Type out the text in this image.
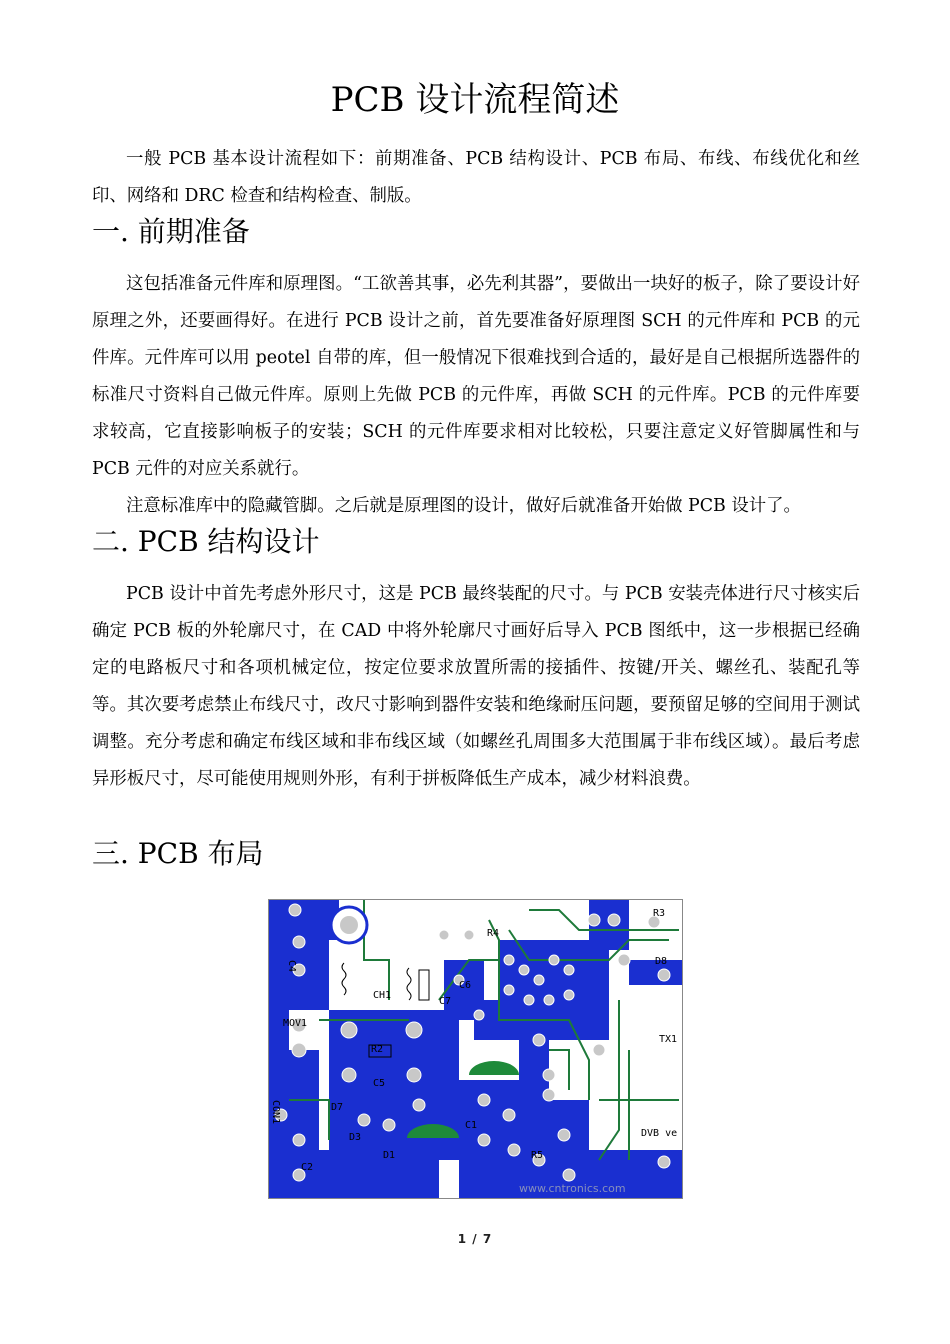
PCB 设计流程简述

一般 PCB 基本设计流程如下：前期准备、PCB 结构设计、PCB 布局、布线、布线优化和丝印、网络和 DRC 检查和结构检查、制版。

一. 前期准备

这包括准备元件库和原理图。“工欲善其事，必先利其器”，要做出一块好的板子，除了要设计好原理之外，还要画得好。在进行 PCB 设计之前，首先要准备好原理图 SCH 的元件库和 PCB 的元件库。元件库可以用 peotel 自带的库，但一般情况下很难找到合适的，最好是自己根据所选器件的标准尺寸资料自己做元件库。原则上先做 PCB 的元件库，再做 SCH 的元件库。PCB 的元件库要求较高，它直接影响板子的安装；SCH 的元件库要求相对比较松，只要注意定义好管脚属性和与 PCB 元件的对应关系就行。

注意标准库中的隐藏管脚。之后就是原理图的设计，做好后就准备开始做 PCB 设计了。

二. PCB 结构设计

PCB 设计中首先考虑外形尺寸，这是 PCB 最终装配的尺寸。与 PCB 安装壳体进行尺寸核实后确定 PCB 板的外轮廓尺寸，在 CAD 中将外轮廓尺寸画好后导入 PCB 图纸中，这一步根据已经确定的电路板尺寸和各项机械定位，按定位要求放置所需的接插件、按键/开关、螺丝孔、装配孔等等。其次要考虑禁止布线尺寸，改尺寸影响到器件安装和绝缘耐压问题，要预留足够的空间用于测试调整。充分考虑和确定布线区域和非布线区域（如螺丝孔周围多大范围属于非布线区域）。最后考虑异形板尺寸，尽可能使用规则外形，有利于拼板降低生产成本，减少材料浪费。

三. PCB 布局
C4
CH1
C7
R4
R3
D8
MOV1
R2
C5
C6
D1
TX1
D3
D7
C1
C2
R5
DVB ve
CON1
www.cntronics.com
1 / 7
